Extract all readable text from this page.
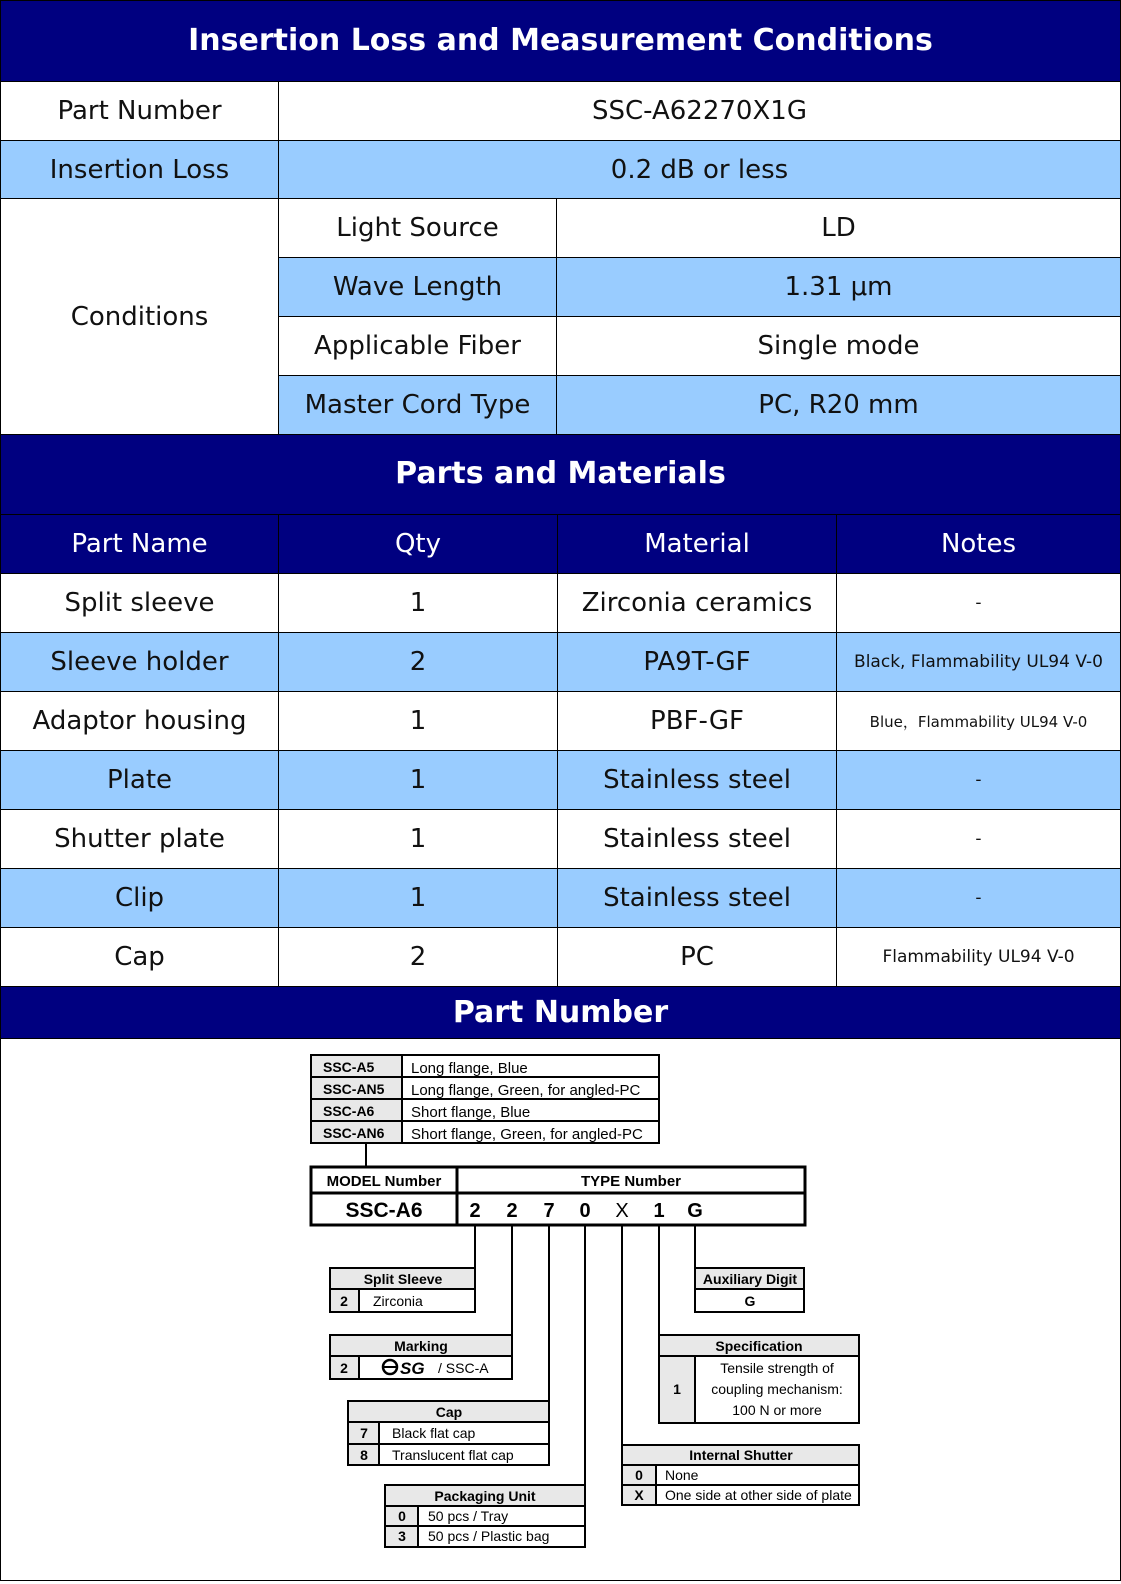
Insertion Loss and Measurement Conditions
Part Number	SSC-A62270X1G
Insertion Loss	0.2 dB or less
Conditions
Light Source	LD
Wave Length	1.31 μm
Applicable Fiber	Single mode
Master Cord Type	PC, R20 mm
Parts and Materials
Part Name	Qty	Material	Notes
Split sleeve	1	Zirconia ceramics	-
Sleeve holder	2	PA9T-GF	Black, Flammability UL94 V-0
Adaptor housing	1	PBF-GF	Blue，Flammability UL94 V-0
Plate	1	Stainless steel	-
Shutter plate	1	Stainless steel	-
Clip	1	Stainless steel	-
Cap	2	PC	Flammability UL94 V-0
Part Number
SSC-A5 Long flange, Blue
SSC-AN5 Long flange, Green, for angled-PC
SSC-A6 Short flange, Blue
SSC-AN6 Short flange, Green, for angled-PC
MODEL Number	TYPE Number
SSC-A6 2 2 7 0 X 1 G
Split Sleeve
2 Zirconia
Marking
2	SG / SSC-A
Cap
7 Black flat cap
8 Translucent flat cap
Packaging Unit
0 50 pcs / Tray
3 50 pcs / Plastic bag
Auxiliary Digit
G
Specification
1
Tensile strength of
coupling mechanism:
100 N or more
Internal Shutter
0 None
X One side at other side of plate
